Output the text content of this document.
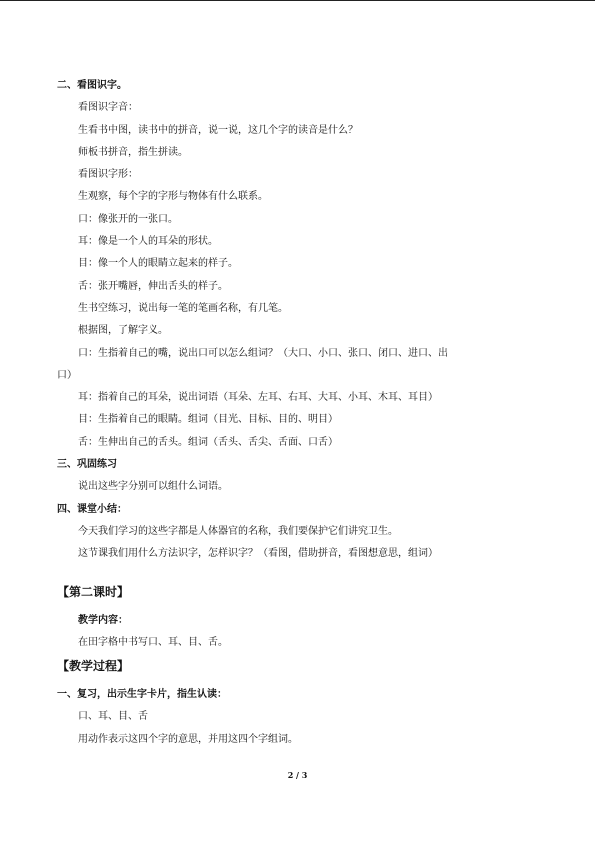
二、看图识字。
看图识字音：
生看书中图，读书中的拼音，说一说，这几个字的读音是什么？
师板书拼音，指生拼读。
看图识字形：
生观察，每个字的字形与物体有什么联系。
口：像张开的一张口。
耳：像是一个人的耳朵的形状。
目：像一个人的眼睛立起来的样子。
舌：张开嘴唇，伸出舌头的样子。
生书空练习，说出每一笔的笔画名称，有几笔。
根据图，了解字义。
口：生指着自己的嘴，说出口可以怎么组词？（大口、小口、张口、闭口、进口、出
口）
耳：指着自己的耳朵，说出词语（耳朵、左耳、右耳、大耳、小耳、木耳、耳目）
目：生指着自己的眼睛。组词（目光、目标、目的、明目）
舌：生伸出自己的舌头。组词（舌头、舌尖、舌面、口舌）
三、巩固练习
说出这些字分别可以组什么词语。
四、课堂小结：
今天我们学习的这些字都是人体器官的名称，我们要保护它们讲究卫生。
这节课我们用什么方法识字，怎样识字？（看图，借助拼音，看图想意思，组词）
【第二课时】
教学内容：
在田字格中书写口、耳、目、舌。
【教学过程】
一、复习，出示生字卡片，指生认读：
口、耳、目、舌
用动作表示这四个字的意思，并用这四个字组词。
2 / 3
